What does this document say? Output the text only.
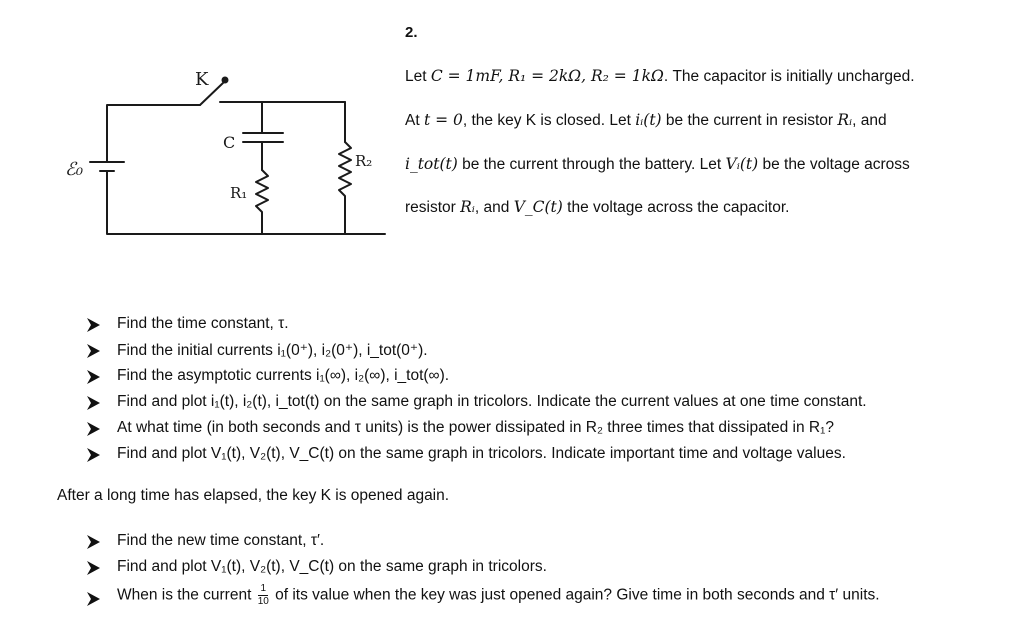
K
ℰ₀
C
R₁
R₂
2.
Let C = 1mF, R₁ = 2kΩ, R₂ = 1kΩ. The capacitor is initially uncharged.
At t = 0, the key K is closed. Let iᵢ(t) be the current in resistor Rᵢ, and
i_tot(t) be the current through the battery. Let Vᵢ(t) be the voltage across
resistor Rᵢ, and V_C(t) the voltage across the capacitor.
Find the time constant, τ.
Find the initial currents i₁(0⁺), i₂(0⁺), i_tot(0⁺).
Find the asymptotic currents i₁(∞), i₂(∞), i_tot(∞).
Find and plot i₁(t), i₂(t), i_tot(t) on the same graph in tricolors. Indicate the current values at one time constant.
At what time (in both seconds and τ units) is the power dissipated in R₂ three times that dissipated in R₁?
Find and plot V₁(t), V₂(t), V_C(t) on the same graph in tricolors. Indicate important time and voltage values.
After a long time has elapsed, the key K is opened again.
Find the new time constant, τ′.
Find and plot V₁(t), V₂(t), V_C(t) on the same graph in tricolors.
When is the current $\frac{1}{10}$ of its value when the key was just opened again? Give time in both seconds and τ′ units.
